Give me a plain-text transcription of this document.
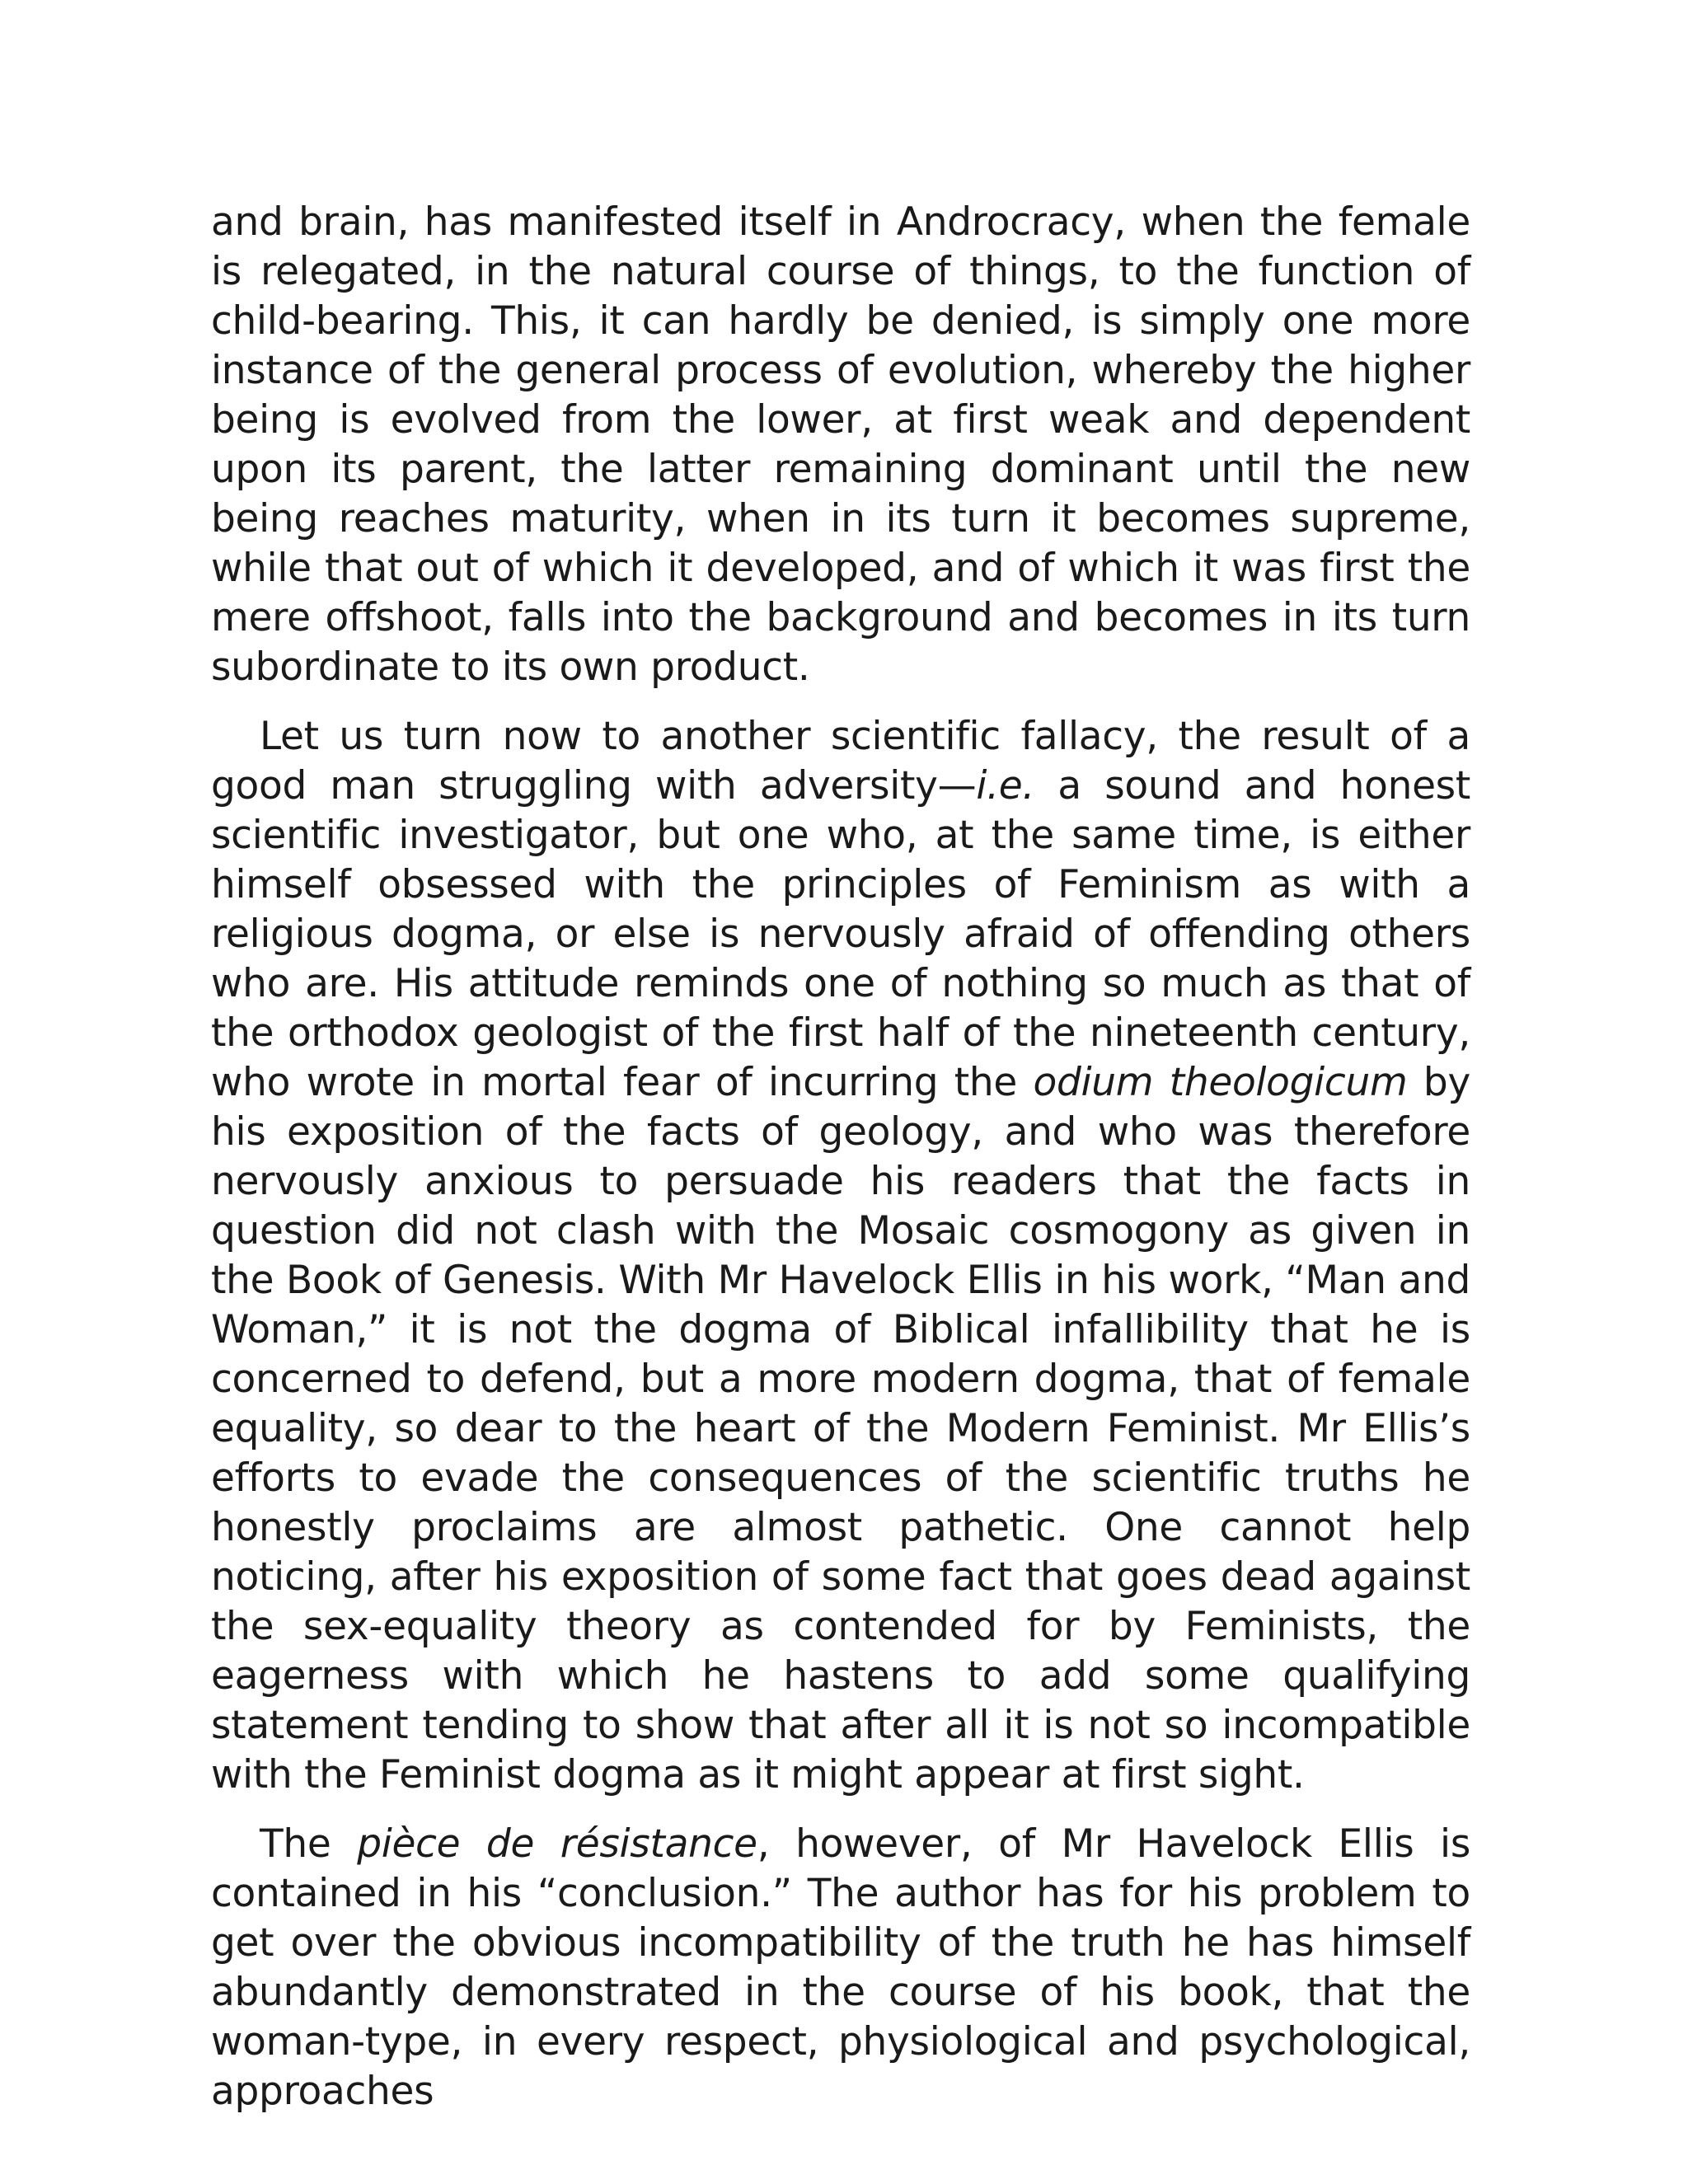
and brain, has manifested itself in Androcracy, when the female is relegated, in the natural course of things, to the function of child-bearing. This, it can hardly be denied, is simply one more instance of the general process of evolution, whereby the higher being is evolved from the lower, at first weak and dependent upon its parent, the latter remaining dominant until the new being reaches maturity, when in its turn it becomes supreme, while that out of which it developed, and of which it was first the mere offshoot, falls into the background and becomes in its turn subordinate to its own product.

Let us turn now to another scientific fallacy, the result of a good man struggling with adversity—i.e. a sound and honest scientific investigator, but one who, at the same time, is either himself obsessed with the principles of Feminism as with a religious dogma, or else is nervously afraid of offending others who are. His attitude reminds one of nothing so much as that of the orthodox geologist of the first half of the nineteenth century, who wrote in mortal fear of incurring the odium theologicum by his exposition of the facts of geology, and who was therefore nervously anxious to persuade his readers that the facts in question did not clash with the Mosaic cosmogony as given in the Book of Genesis. With Mr Havelock Ellis in his work, “Man and Woman,” it is not the dogma of Biblical infallibility that he is concerned to defend, but a more modern dogma, that of female equality, so dear to the heart of the Modern Feminist. Mr Ellis’s efforts to evade the consequences of the scientific truths he honestly proclaims are almost pathetic. One cannot help noticing, after his exposition of some fact that goes dead against the sex-equality theory as contended for by Feminists, the eagerness with which he hastens to add some qualifying statement tending to show that after all it is not so incompatible with the Feminist dogma as it might appear at first sight.

The pièce de résistance, however, of Mr Havelock Ellis is contained in his “conclusion.” The author has for his problem to get over the obvious incompatibility of the truth he has himself abundantly demonstrated in the course of his book, that the woman-type, in every respect, physiological and psychological, approaches
